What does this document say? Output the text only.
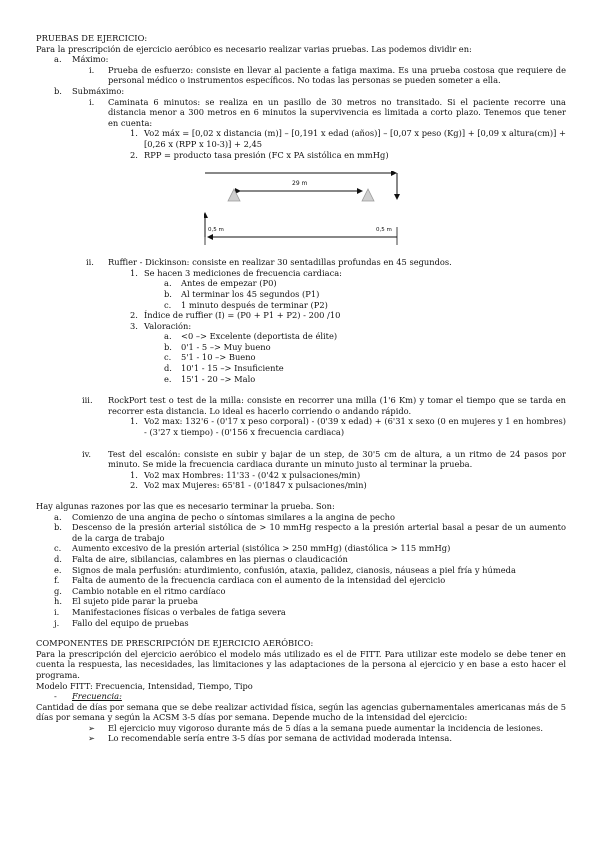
PRUEBAS DE EJERCICIO:

Para la prescripción de ejercicio aeróbico es necesario realizar varias pruebas. Las podemos dividir en:

a. Máximo:
i. Prueba de esfuerzo: consiste en llevar al paciente a fatiga maxima. Es una prueba costosa que requiere de personal médico o instrumentos específicos. No todas las personas se pueden someter a ella.
b. Submáximo:
i. Caminata 6 minutos: se realiza en un pasillo de 30 metros no transitado. Si el paciente recorre una distancia menor a 300 metros en 6 minutos la supervivencia es limitada a corto plazo. Tenemos que tener en cuenta:
1. Vo2 máx = [0,02 x distancia (m)] – [0,191 x edad (años)] – [0,07 x peso (Kg)] + [0,09 x altura(cm)] + [0,26 x (RPP x 10-3)] + 2,45
2. RPP = producto tasa presión (FC x PA sistólica en mmHg)
29 m
0,5 m	0,5 m
ii. Ruffier - Dickinson: consiste en realizar 30 sentadillas profundas en 45 segundos.
1. Se hacen 3 mediciones de frecuencia cardiaca:
a. Antes de empezar (P0)
b. Al terminar los 45 segundos (P1)
c. 1 minuto después de terminar (P2)
2. Índice de ruffier (I) = (P0 + P1 + P2) - 200 /10
3. Valoración:
a. <0 –> Excelente (deportista de élite)
b. 0'1 - 5 –> Muy bueno
c. 5'1 - 10 –> Bueno
d. 10'1 - 15 –> Insuficiente
e. 15'1 - 20 –> Malo
iii. RockPort test o test de la milla: consiste en recorrer una milla (1'6 Km) y tomar el tiempo que se tarda en recorrer esta distancia. Lo ideal es hacerlo corriendo o andando rápido.
1. Vo2 max: 132'6 - (0'17 x peso corporal) - (0'39 x edad) + (6'31 x sexo (0 en mujeres y 1 en hombres) - (3'27 x tiempo) - (0'156 x frecuencia cardiaca)
iv. Test del escalón: consiste en subir y bajar de un step, de 30'5 cm de altura, a un ritmo de 24 pasos por minuto. Se mide la frecuencia cardiaca durante un minuto justo al terminar la prueba.
1. Vo2 max Hombres: 11'33 - (0'42 x pulsaciones/min)
2. Vo2 max Mujeres: 65'81 - (0'1847 x pulsaciones/min)

Hay algunas razones por las que es necesario terminar la prueba. Son:

a. Comienzo de una angina de pecho o síntomas similares a la angina de pecho
b. Descenso de la presión arterial sistólica de > 10 mmHg respecto a la presión arterial basal a pesar de un aumento de la carga de trabajo
c. Aumento excesivo de la presión arterial (sistólica > 250 mmHg) (diastólica > 115 mmHg)
d. Falta de aire, sibilancias, calambres en las piernas o claudicación
e. Signos de mala perfusión: aturdimiento, confusión, ataxia, palidez, cianosis, náuseas a piel fría y húmeda
f. Falta de aumento de la frecuencia cardiaca con el aumento de la intensidad del ejercicio
g. Cambio notable en el ritmo cardíaco
h. El sujeto pide parar la prueba
i. Manifestaciones físicas o verbales de fatiga severa
j. Fallo del equipo de pruebas

COMPONENTES DE PRESCRIPCIÓN DE EJERCICIO AERÓBICO:

Para la prescripción del ejercicio aeróbico el modelo más utilizado es el de FITT. Para utilizar este modelo se debe tener en cuenta la respuesta, las necesidades, las limitaciones y las adaptaciones de la persona al ejercicio y en base a esto hacer el programa.

Modelo FITT: Frecuencia, Intensidad, Tiempo, Tipo

- Frecuencia:

Cantidad de días por semana que se debe realizar actividad física, según las agencias gubernamentales americanas más de 5 días por semana y según la ACSM 3-5 días por semana. Depende mucho de la intensidad del ejercicio:

➢ El ejercicio muy vigoroso durante más de 5 días a la semana puede aumentar la incidencia de lesiones.
➢ Lo recomendable sería entre 3-5 días por semana de actividad moderada intensa.
